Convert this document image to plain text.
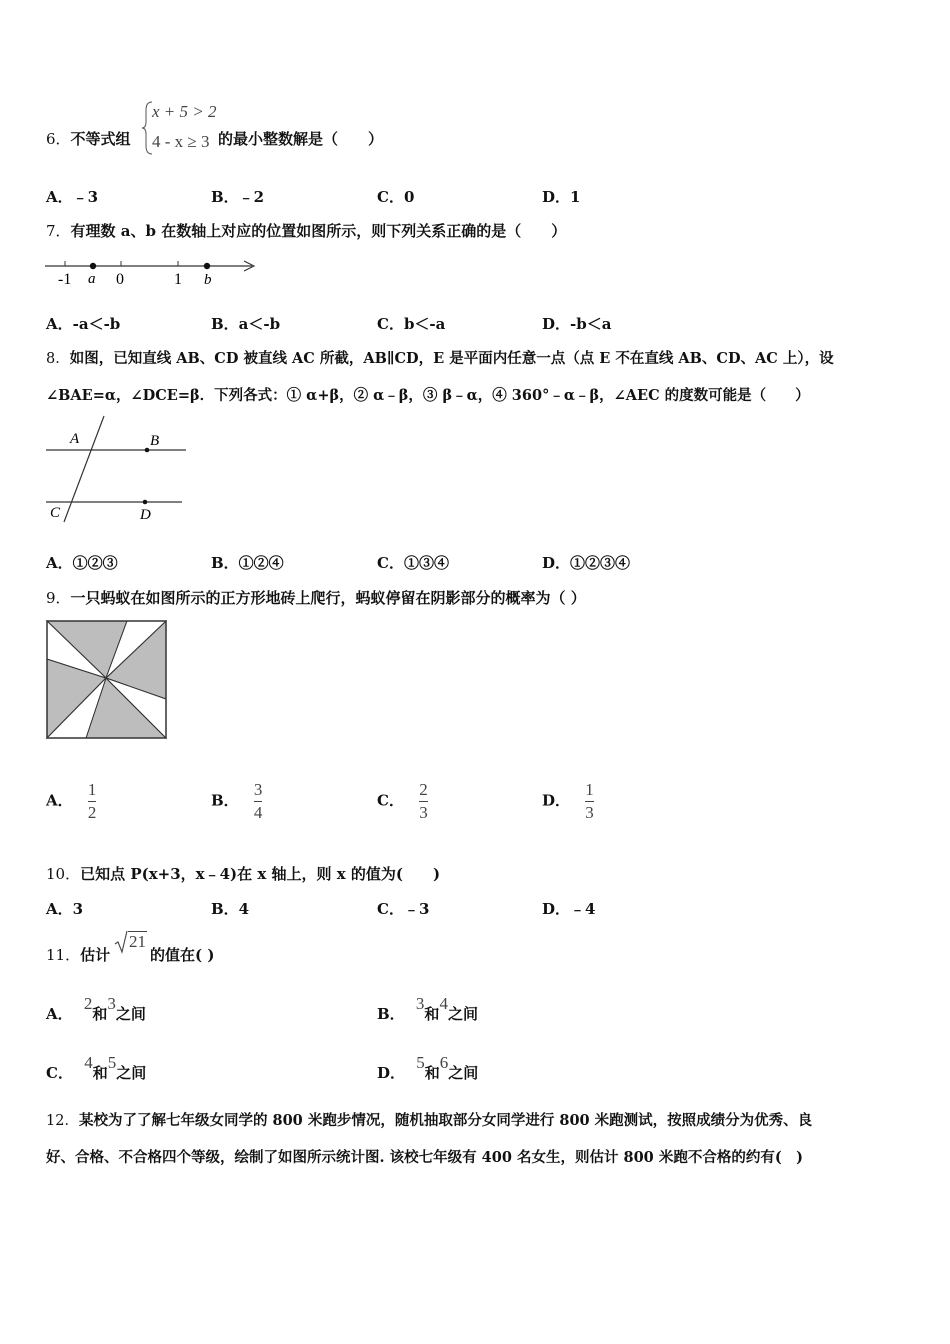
6．不等式组
x + 5 > 2
4 - x ≥ 3 的最小整数解是（　　）
A．﹣3	B．﹣2	C．0	D．1
7．有理数 a、b 在数轴上对应的位置如图所示，则下列关系正确的是（　　）
-1 a 0	1 b
A．-a＜-b	B．a＜-b	C．b＜-a	D．-b＜a
8．如图，已知直线 AB、CD 被直线 AC 所截，AB∥CD，E 是平面内任意一点（点 E 不在直线 AB、CD、AC 上），设
∠BAE=α，∠DCE=β．下列各式：① α+β，② α﹣β，③ β﹣α，④ 360°﹣α﹣β，∠AEC 的度数可能是（　　）
A	B
C	D
A．①②③	B．①②④	C．①③④	D．①②③④
9．一只蚂蚁在如图所示的正方形地砖上爬行，蚂蚁停留在阴影部分的概率为（ ）
A． $\frac{1}{2}$	B． $\frac{3}{4}$	C． $\frac{2}{3}$	D． $\frac{1}{3}$
10．已知点 P(x+3，x﹣4)在 x 轴上，则 x 的值为(　　)
A．3	B．4	C．﹣3	D．﹣4
11．估计
21
的值在( )
A． 2和3之间	B． 3和4之间
C． 4和5之间	D． 5和6之间
12．某校为了了解七年级女同学的 800 米跑步情况，随机抽取部分女同学进行 800 米跑测试，按照成绩分为优秀、良
好、合格、不合格四个等级，绘制了如图所示统计图. 该校七年级有 400 名女生，则估计 800 米跑不合格的约有(　)
